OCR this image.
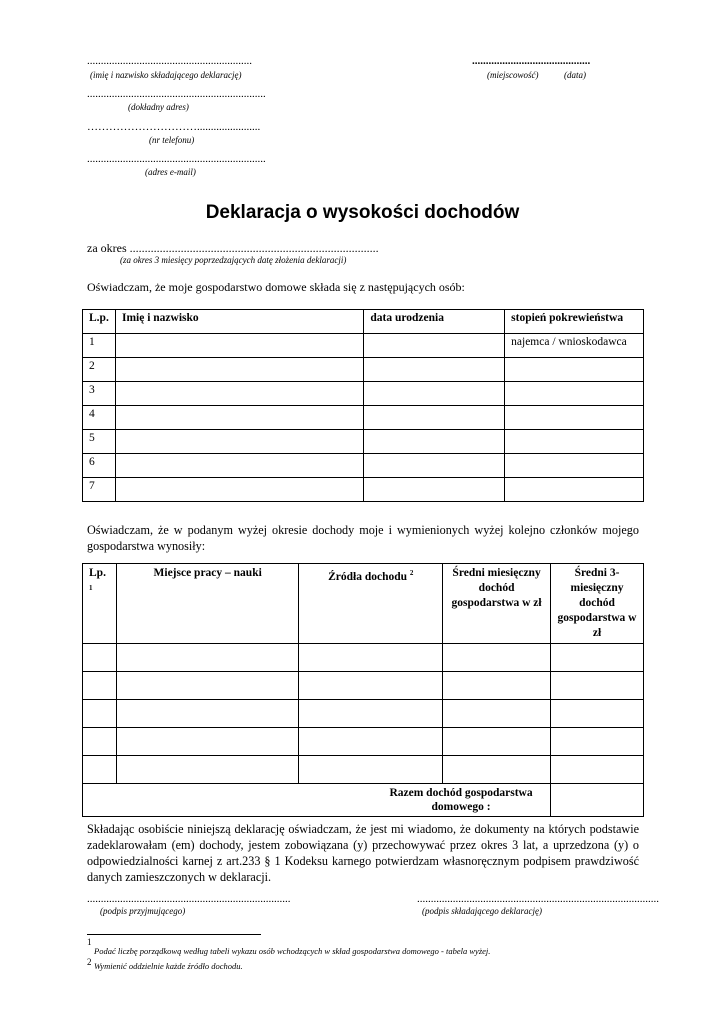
............................................................
(imię i nazwisko składającego deklarację)
...........................................
(miejscowość)	(data)
.................................................................
(dokładny adres)
………………………….......................
(nr telefonu)
.................................................................
(adres e-mail)
Deklaracja o wysokości dochodów
za okres ...................................................................................
(za okres 3 miesięcy poprzedzających datę złożenia deklaracji)
Oświadczam, że moje gospodarstwo domowe składa się z następujących osób:
L.p.	Imię i nazwisko	data urodzenia	stopień pokrewieństwa
1			najemca / wnioskodawca
2			
3			
4			
5			
6			
7			
Oświadczam, że w podanym wyżej okresie dochody moje i wymienionych wyżej kolejno członków mojego gospodarstwa wynosiły:
Lp. $^1$	Miejsce pracy – nauki	Źródła dochodu $^2$	Średni miesięczny dochód gospodarstwa w zł	Średni 3-miesięczny dochód gospodarstwa w zł

		Razem dochód gospodarstwa domowego :		
Składając osobiście niniejszą deklarację oświadczam, że jest mi wiadomo, że dokumenty na których podstawie zadeklarowałam (em) dochody, jestem zobowiązana (y) przechowywać przez okres 3 lat, a uprzedzona (y) o odpowiedzialności karnej z art.233 § 1 Kodeksu karnego potwierdzam własnoręcznym podpisem prawdziwość danych zamieszczonych w deklaracji.
..........................................................................
(podpis przyjmującego)
........................................................................................
(podpis składającego deklarację)
1
Podać liczbę porządkową według tabeli wykazu osób wchodzących w skład gospodarstwa domowego - tabela wyżej.
2 Wymienić oddzielnie każde źródło dochodu.
